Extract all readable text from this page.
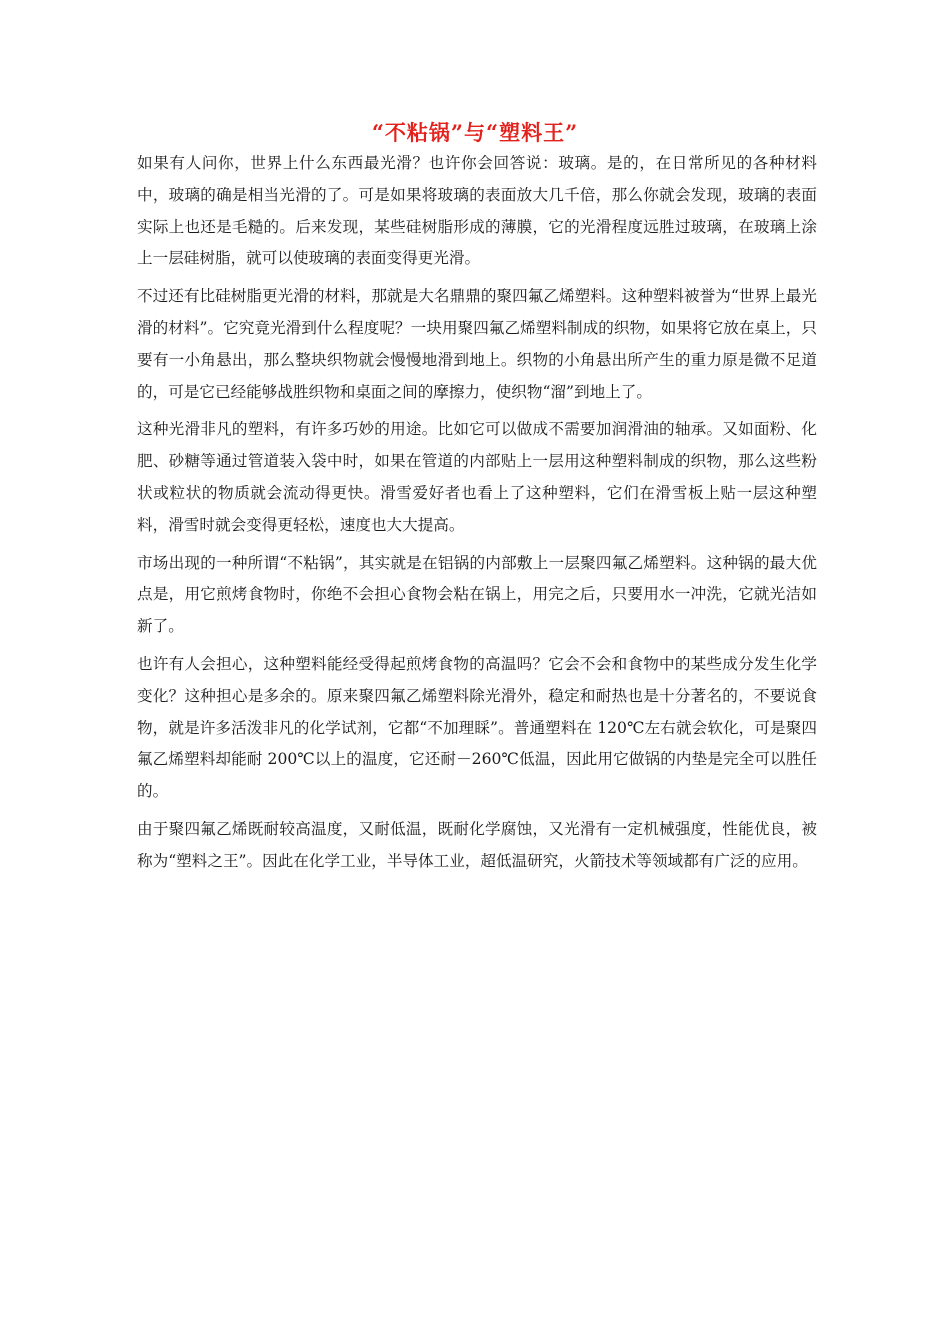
“不粘锅”与“塑料王”

如果有人问你，世界上什么东西最光滑？也许你会回答说：玻璃。是的，在日常所见的各种材料中，玻璃的确是相当光滑的了。可是如果将玻璃的表面放大几千倍，那么你就会发现，玻璃的表面实际上也还是毛糙的。后来发现，某些硅树脂形成的薄膜，它的光滑程度远胜过玻璃，在玻璃上涂上一层硅树脂，就可以使玻璃的表面变得更光滑。

不过还有比硅树脂更光滑的材料，那就是大名鼎鼎的聚四氟乙烯塑料。这种塑料被誉为“世界上最光滑的材料”。它究竟光滑到什么程度呢？一块用聚四氟乙烯塑料制成的织物，如果将它放在桌上，只要有一小角悬出，那么整块织物就会慢慢地滑到地上。织物的小角悬出所产生的重力原是微不足道的，可是它已经能够战胜织物和桌面之间的摩擦力，使织物“溜”到地上了。

这种光滑非凡的塑料，有许多巧妙的用途。比如它可以做成不需要加润滑油的轴承。又如面粉、化肥、砂糖等通过管道装入袋中时，如果在管道的内部贴上一层用这种塑料制成的织物，那么这些粉状或粒状的物质就会流动得更快。滑雪爱好者也看上了这种塑料，它们在滑雪板上贴一层这种塑料，滑雪时就会变得更轻松，速度也大大提高。

市场出现的一种所谓“不粘锅”，其实就是在铝锅的内部敷上一层聚四氟乙烯塑料。这种锅的最大优点是，用它煎烤食物时，你绝不会担心食物会粘在锅上，用完之后，只要用水一冲洗，它就光洁如新了。

也许有人会担心，这种塑料能经受得起煎烤食物的高温吗？它会不会和食物中的某些成分发生化学变化？这种担心是多余的。原来聚四氟乙烯塑料除光滑外，稳定和耐热也是十分著名的，不要说食物，就是许多活泼非凡的化学试剂，它都“不加理睬”。普通塑料在 120℃左右就会软化，可是聚四氟乙烯塑料却能耐 200℃以上的温度，它还耐－260℃低温，因此用它做锅的内垫是完全可以胜任的。

由于聚四氟乙烯既耐较高温度，又耐低温，既耐化学腐蚀，又光滑有一定机械强度，性能优良，被称为“塑料之王”。因此在化学工业，半导体工业，超低温研究，火箭技术等领域都有广泛的应用。
